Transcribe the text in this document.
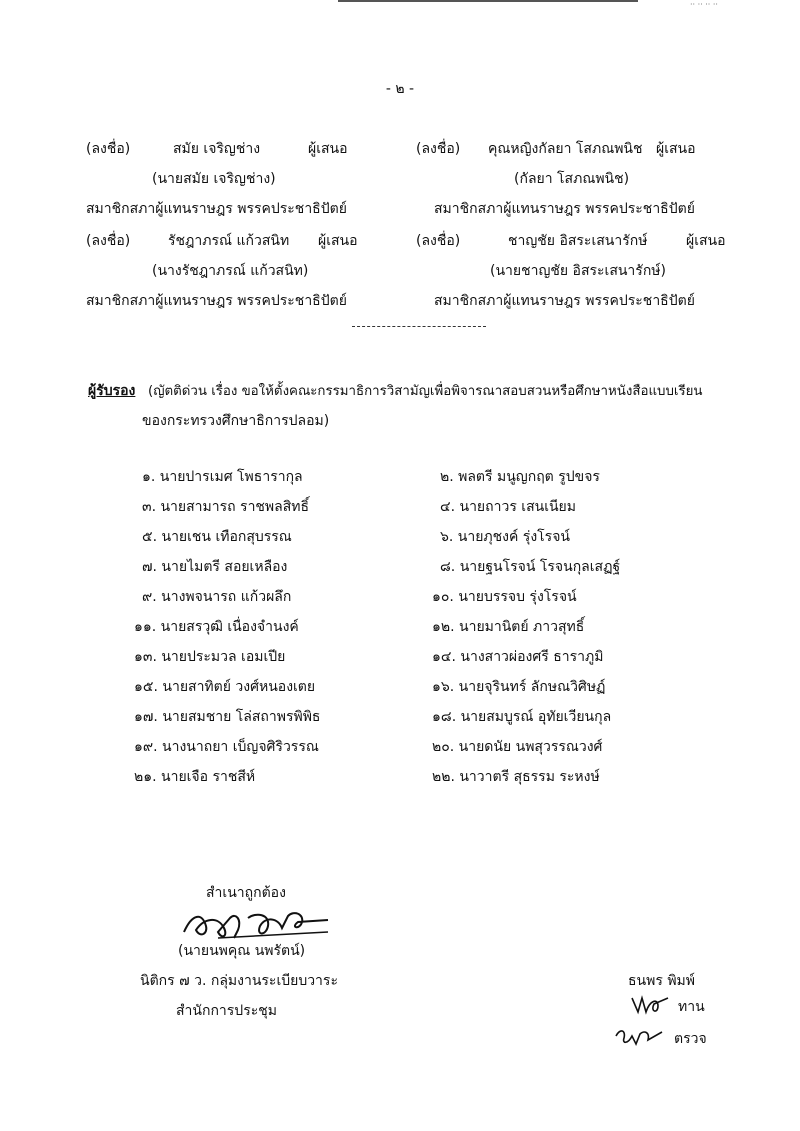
·· ·· ·· ··
- ๒ -
(ลงชื่อ)	สมัย เจริญช่าง	ผู้เสนอ
(นายสมัย เจริญช่าง)
สมาชิกสภาผู้แทนราษฎร พรรคประชาธิปัตย์
(ลงชื่อ) คุณหญิงกัลยา โสภณพนิช ผู้เสนอ
(กัลยา โสภณพนิช)
สมาชิกสภาผู้แทนราษฎร พรรคประชาธิปัตย์
(ลงชื่อ)	รัชฎาภรณ์ แก้วสนิท ผู้เสนอ
(นางรัชฎาภรณ์ แก้วสนิท)
สมาชิกสภาผู้แทนราษฎร พรรคประชาธิปัตย์
(ลงชื่อ)	ชาญชัย อิสระเสนารักษ์	ผู้เสนอ
(นายชาญชัย อิสระเสนารักษ์)
สมาชิกสภาผู้แทนราษฎร พรรคประชาธิปัตย์
ผู้รับรอง (ญัตติด่วน เรื่อง ขอให้ตั้งคณะกรรมาธิการวิสามัญเพื่อพิจารณาสอบสวนหรือศึกษาหนังสือแบบเรียน
ของกระทรวงศึกษาธิการปลอม)
๑. นายปารเมศ โพธารากุล
๓. นายสามารถ ราชพลสิทธิ์
๕. นายเชน เทือกสุบรรณ
๗. นายไมตรี สอยเหลือง
๙. นางพจนารถ แก้วผลึก
๑๑. นายสรวุฒิ เนื่องจำนงค์
๑๓. นายประมวล เอมเปีย
๑๕. นายสาทิตย์ วงศ์หนองเตย
๑๗. นายสมชาย โล่สถาพรพิพิธ
๑๙. นางนาถยา เบ็ญจศิริวรรณ
๒๑. นายเจือ ราชสีห์
๒. พลตรี มนูญกฤต รูปขจร
๔. นายถาวร เสนเนียม
๖. นายภุชงค์ รุ่งโรจน์
๘. นายฐนโรจน์ โรจนกุลเสฏฐ์
๑๐. นายบรรจบ รุ่งโรจน์
๑๒. นายมานิตย์ ภาวสุทธิ์
๑๔. นางสาวผ่องศรี ธาราภูมิ
๑๖. นายจุรินทร์ ลักษณวิศิษฏ์
๑๘. นายสมบูรณ์ อุทัยเวียนกุล
๒๐. นายดนัย นพสุวรรณวงศ์
๒๒. นาวาตรี สุธรรม ระหงษ์
สำเนาถูกต้อง
(นายนพคุณ นพรัตน์)
นิติกร ๗ ว. กลุ่มงานระเบียบวาระ
สำนักการประชุม
ธนพร พิมพ์
ทาน
ตรวจ
